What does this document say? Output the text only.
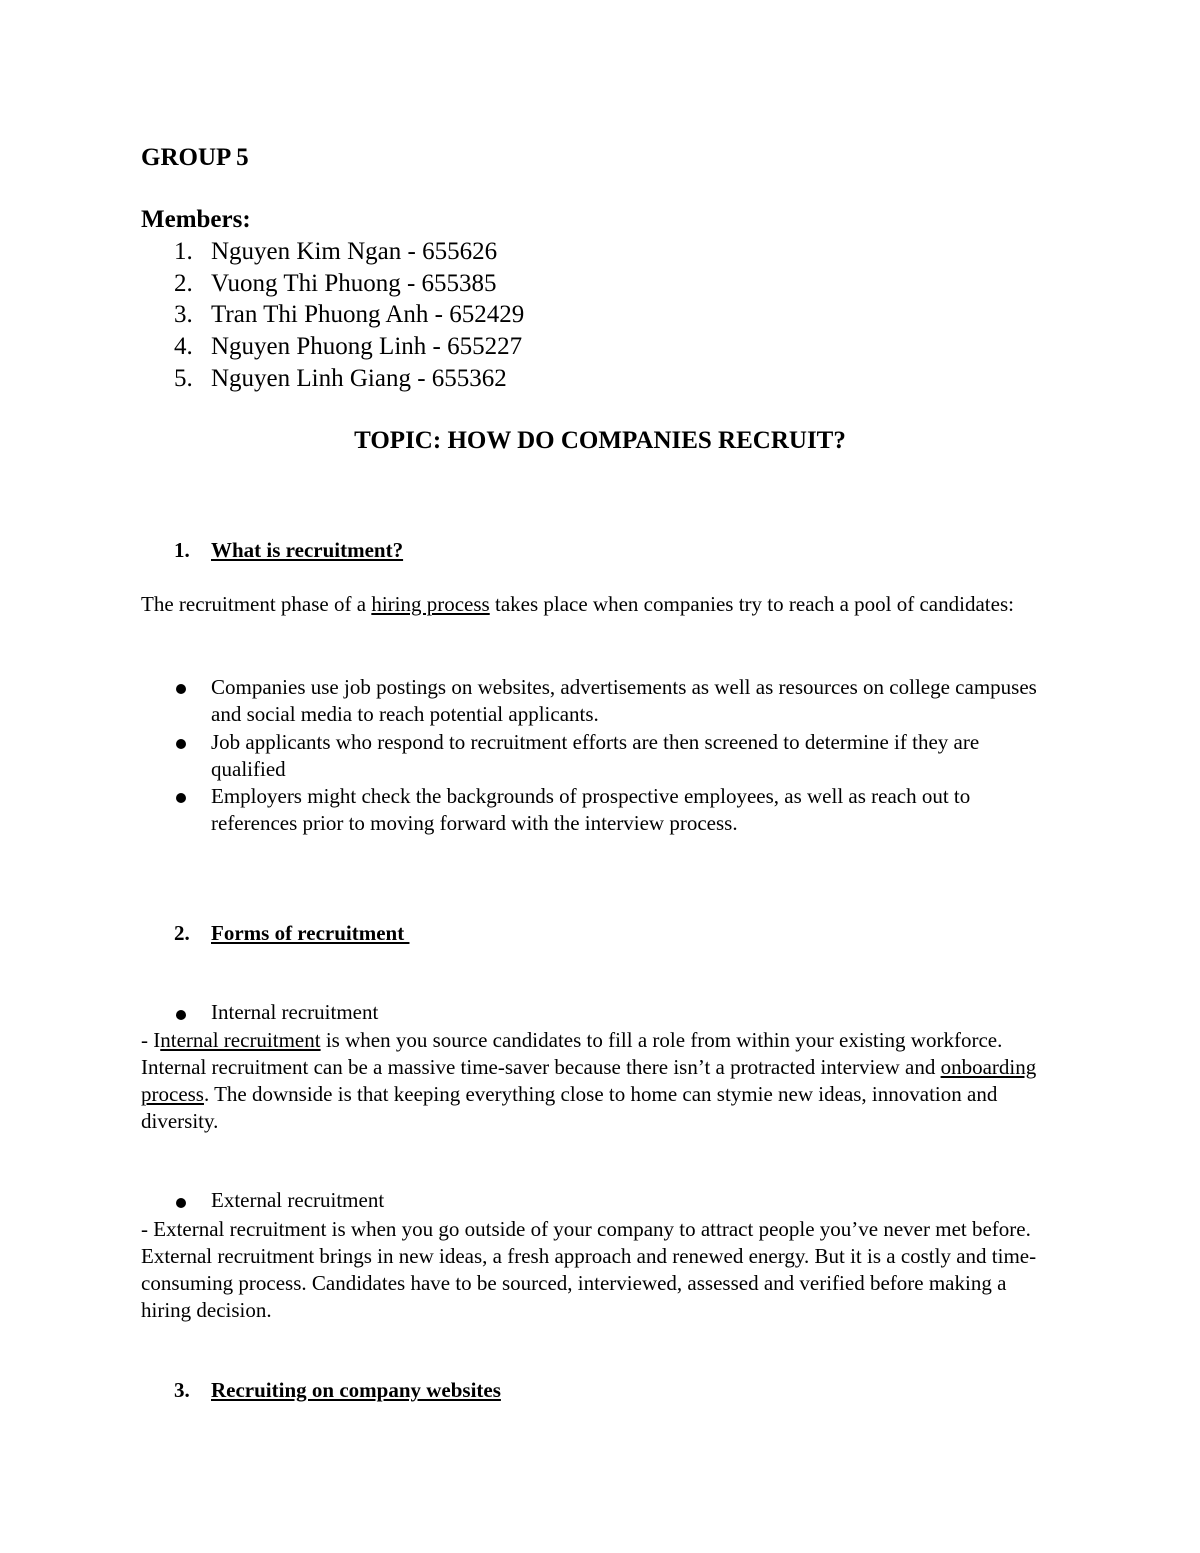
GROUP 5
Members:
1. Nguyen Kim Ngan - 655626
2. Vuong Thi Phuong - 655385
3. Tran Thi Phuong Anh - 652429
4. Nguyen Phuong Linh - 655227
5. Nguyen Linh Giang - 655362
TOPIC: HOW DO COMPANIES RECRUIT?
1. What is recruitment?
The recruitment phase of a hiring process takes place when companies try to reach a pool of candidates:
Companies use job postings on websites, advertisements as well as resources on college campuses and social media to reach potential applicants.
Job applicants who respond to recruitment efforts are then screened to determine if they are qualified
Employers might check the backgrounds of prospective employees, as well as reach out to references prior to moving forward with the interview process.
2. Forms of recruitment
Internal recruitment
- Internal recruitment is when you source candidates to fill a role from within your existing workforce. Internal recruitment can be a massive time-saver because there isn’t a protracted interview and onboarding process. The downside is that keeping everything close to home can stymie new ideas, innovation and diversity.
External recruitment
- External recruitment is when you go outside of your company to attract people you’ve never met before. External recruitment brings in new ideas, a fresh approach and renewed energy. But it is a costly and time-consuming process. Candidates have to be sourced, interviewed, assessed and verified before making a hiring decision.
3. Recruiting on company websites
